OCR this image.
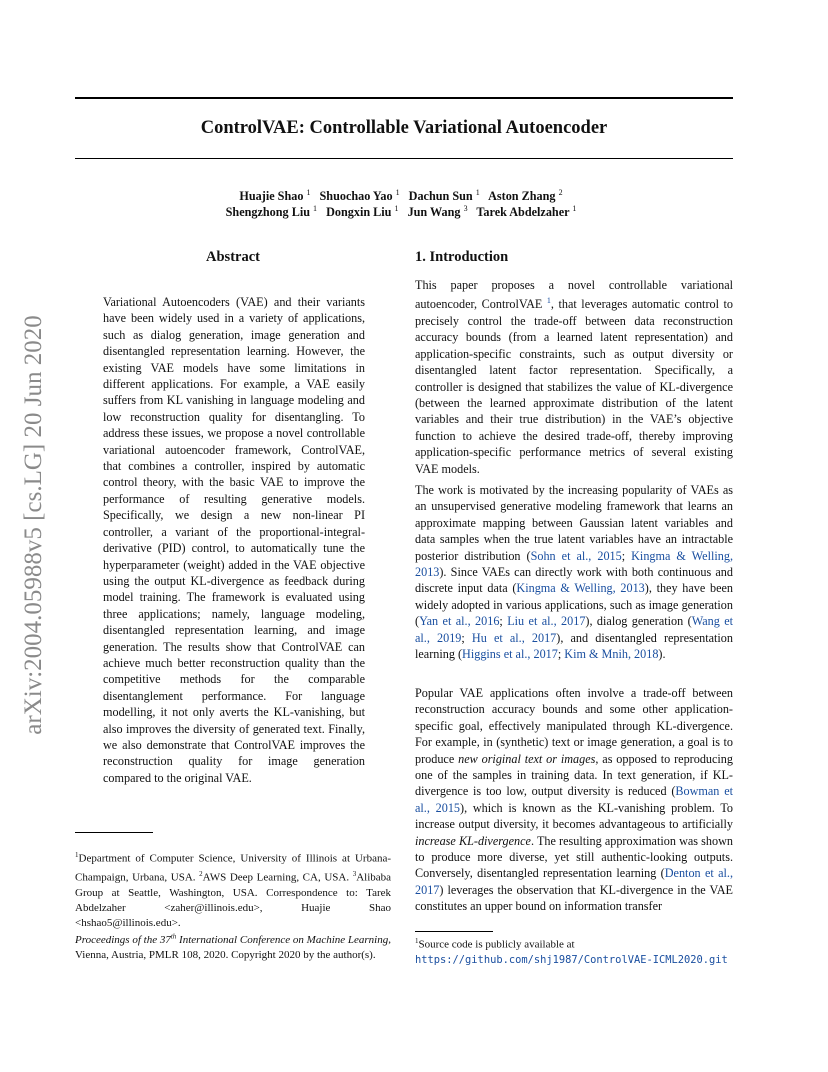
arXiv:2004.05988v5 [cs.LG] 20 Jun 2020
ControlVAE: Controllable Variational Autoencoder

Huajie Shao $^1$ Shuochao Yao $^1$ Dachun Sun $^1$ Aston Zhang $^2$

Shengzhong Liu $^1$ Dongxin Liu $^1$ Jun Wang $^3$ Tarek Abdelzaher $^1$

Abstract

Variational Autoencoders (VAE) and their variants have been widely used in a variety of applications, such as dialog generation, image generation and disentangled representation learning. However, the existing VAE models have some limitations in different applications. For example, a VAE easily suffers from KL vanishing in language modeling and low reconstruction quality for disentangling. To address these issues, we propose a novel controllable variational autoencoder framework, ControlVAE, that combines a controller, inspired by automatic control theory, with the basic VAE to improve the performance of resulting generative models. Specifically, we design a new non-linear PI controller, a variant of the proportional-integral-derivative (PID) control, to automatically tune the hyperparameter (weight) added in the VAE objective using the output KL-divergence as feedback during model training. The framework is evaluated using three applications; namely, language modeling, disentangled representation learning, and image generation. The results show that ControlVAE can achieve much better reconstruction quality than the competitive methods for the comparable disentanglement performance. For language modelling, it not only averts the KL-vanishing, but also improves the diversity of generated text. Finally, we also demonstrate that ControlVAE improves the reconstruction quality for image generation compared to the original VAE.

1. Introduction

This paper proposes a novel controllable variational autoencoder, ControlVAE $^1$, that leverages automatic control to precisely control the trade-off between data reconstruction accuracy bounds (from a learned latent representation) and application-specific constraints, such as output diversity or disentangled latent factor representation. Specifically, a controller is designed that stabilizes the value of KL-divergence (between the learned approximate distribution of the latent variables and their true distribution) in the VAE’s objective function to achieve the desired trade-off, thereby improving application-specific performance metrics of several existing VAE models.

The work is motivated by the increasing popularity of VAEs as an unsupervised generative modeling framework that learns an approximate mapping between Gaussian latent variables and data samples when the true latent variables have an intractable posterior distribution (Sohn et al., 2015; Kingma & Welling, 2013). Since VAEs can directly work with both continuous and discrete input data (Kingma & Welling, 2013), they have been widely adopted in various applications, such as image generation (Yan et al., 2016; Liu et al., 2017), dialog generation (Wang et al., 2019; Hu et al., 2017), and disentangled representation learning (Higgins et al., 2017; Kim & Mnih, 2018).

Popular VAE applications often involve a trade-off between reconstruction accuracy bounds and some other application-specific goal, effectively manipulated through KL-divergence. For example, in (synthetic) text or image generation, a goal is to produce new original text or images, as opposed to reproducing one of the samples in training data. In text generation, if KL-divergence is too low, output diversity is reduced (Bowman et al., 2015), which is known as the KL-vanishing problem. To increase output diversity, it becomes advantageous to artificially increase KL-divergence. The resulting approximation was shown to produce more diverse, yet still authentic-looking outputs. Conversely, disentangled representation learning (Denton et al., 2017) leverages the observation that KL-divergence in the VAE constitutes an upper bound on information transfer

$^1$Department of Computer Science, University of Illinois at Urbana-Champaign, Urbana, USA. $^2$AWS Deep Learning, CA, USA. $^3$Alibaba Group at Seattle, Washington, USA. Correspondence to: Tarek Abdelzaher <zaher@illinois.edu>, Huajie Shao <hshao5@illinois.edu>.

Proceedings of the 37th International Conference on Machine Learning, Vienna, Austria, PMLR 108, 2020. Copyright 2020 by the author(s).

$^1$Source code is publicly available at https://github.com/shj1987/ControlVAE-ICML2020.git
